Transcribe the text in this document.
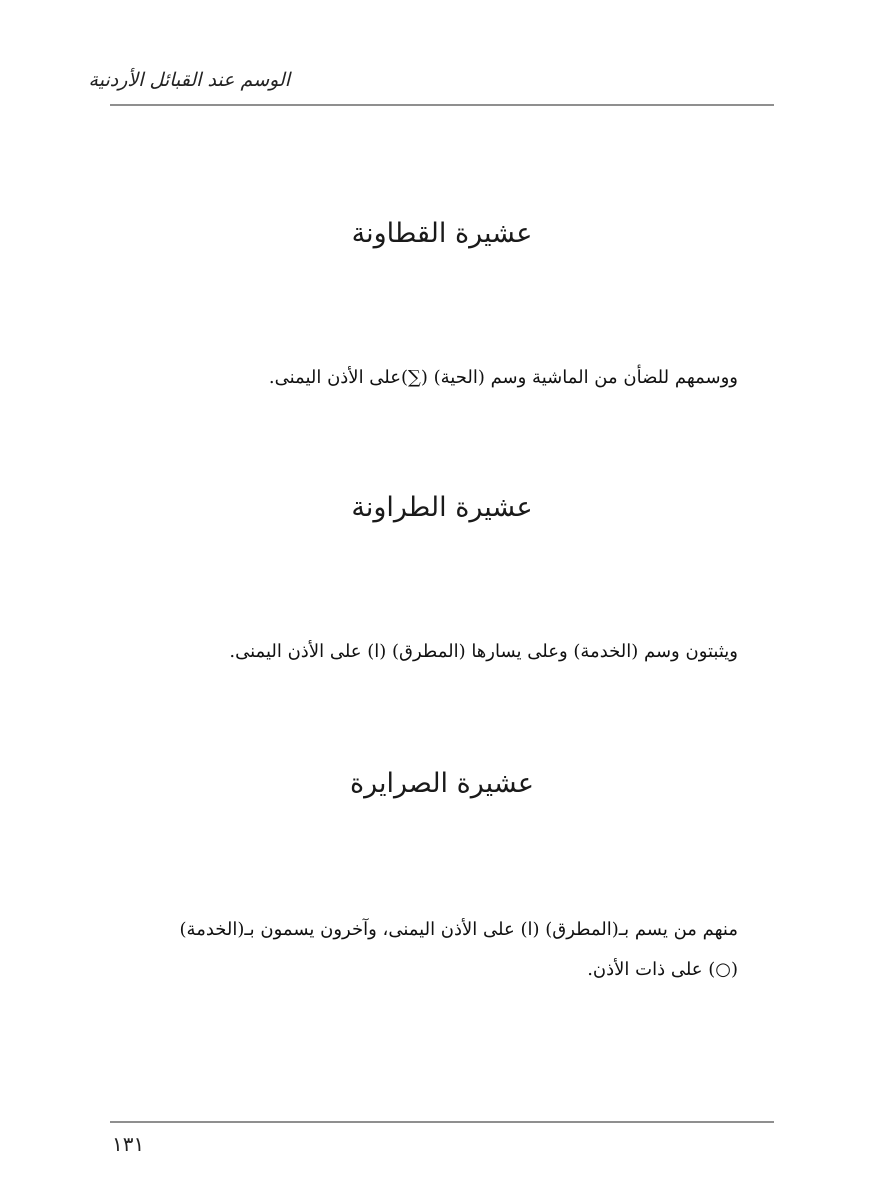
الوسم عند القبائل الأردنية
عشيرة القطاونة
ووسمهم للضأن من الماشية وسم (الحية) (∑)على الأذن اليمنى.
عشيرة الطراونة
ويثبتون وسم (الخدمة) وعلى يسارها (المطرق) (ا) على الأذن اليمنى.
عشيرة الصرايرة
منهم من يسم بـ(المطرق) (ا) على الأذن اليمنى، وآخرون يسمون بـ(الخدمة)
(○) على ذات الأذن.
١٣١
